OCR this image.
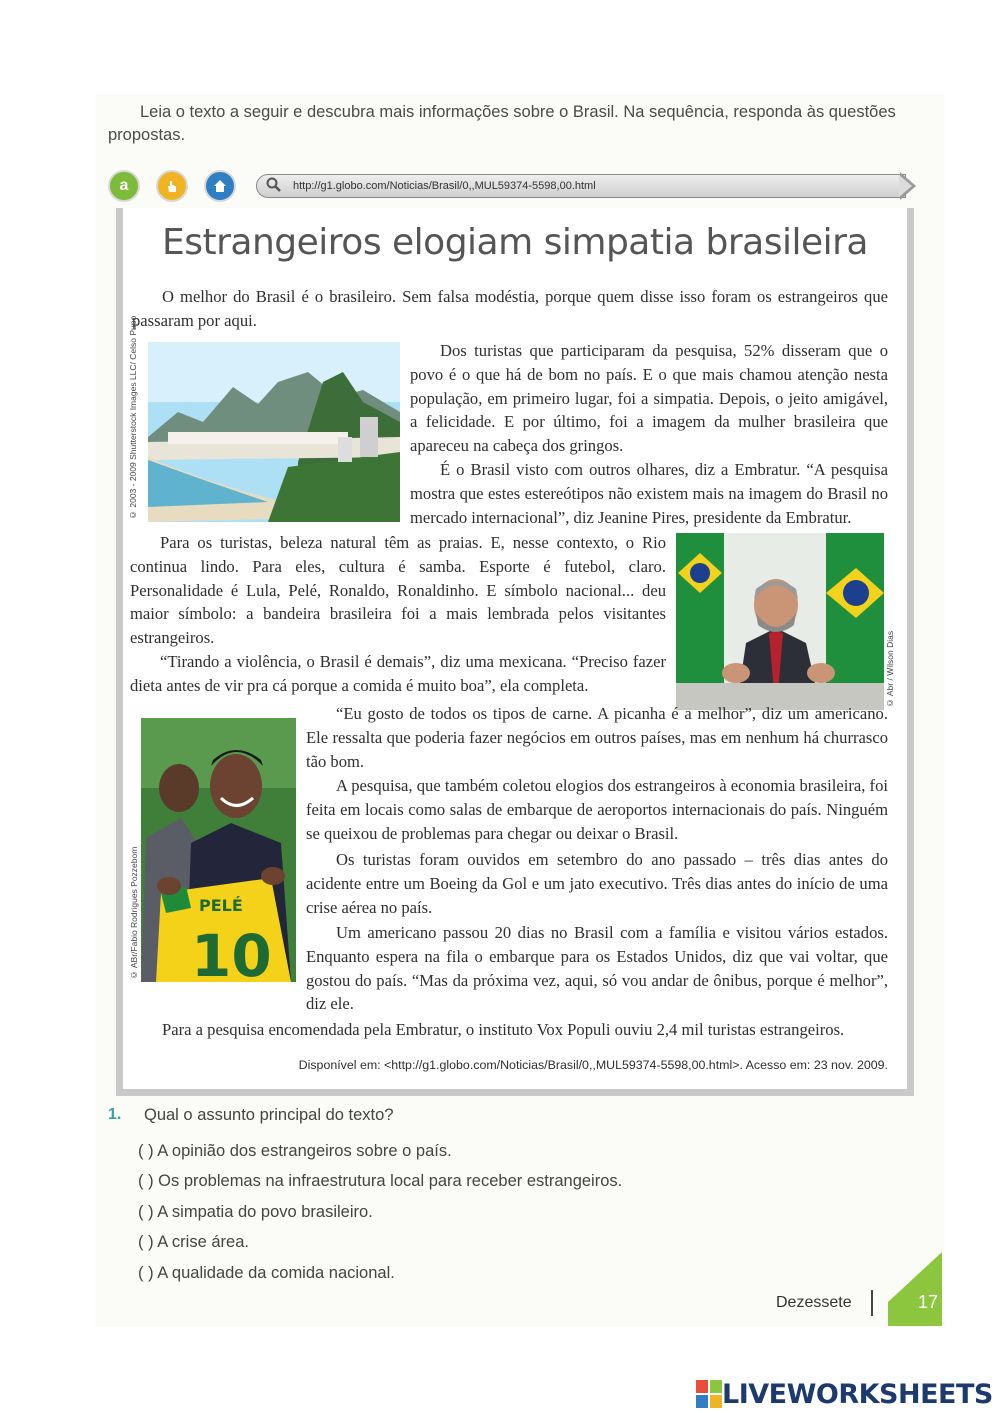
Leia o texto a seguir e descubra mais informações sobre o Brasil. Na sequência, responda às questões propostas.

a	http://g1.globo.com/Noticias/Brasil/0,,MUL59374-5598,00.html
Estrangeiros elogiam simpatia brasileira

O melhor do Brasil é o brasileiro. Sem falsa modéstia, porque quem disse isso foram os estrangeiros que passaram por aqui.

© 2003 - 2009 Shutterstock Images LLC/ Celso Pupo	Dos turistas que participaram da pesquisa, 52% disseram que o povo é o que há de bom no país. E o que mais chamou atenção nesta população, em primeiro lugar, foi a simpatia. Depois, o jeito amigável, a felicidade. E por último, foi a imagem da mulher brasileira que apareceu na cabeça dos gringos.

É o Brasil visto com outros olhares, diz a Embratur. “A pesquisa mostra que estes estereótipos não existem mais na imagem do Brasil no mercado internacional”, diz Jeanine Pires, presidente da Embratur.

© Abr / Wilson Dias

Para os turistas, beleza natural têm as praias. E, nesse contexto, o Rio continua lindo. Para eles, cultura é samba. Esporte é futebol, claro. Personalidade é Lula, Pelé, Ronaldo, Ronaldinho. E símbolo nacional... deu maior símbolo: a bandeira brasileira foi a mais lembrada pelos visitantes estrangeiros.

“Tirando a violência, o Brasil é demais”, diz uma mexicana. “Preciso fazer dieta antes de vir pra cá porque a comida é muito boa”, ela completa.

PELÉ
10
© ABr/Fabio Rodrigues Pozzebom

“Eu gosto de todos os tipos de carne. A picanha é a melhor”, diz um americano. Ele ressalta que poderia fazer negócios em outros países, mas em nenhum há churrasco tão bom.

A pesquisa, que também coletou elogios dos estrangeiros à economia brasileira, foi feita em locais como salas de embarque de aeroportos internacionais do país. Ninguém se queixou de problemas para chegar ou deixar o Brasil.

Os turistas foram ouvidos em setembro do ano passado – três dias antes do acidente entre um Boeing da Gol e um jato executivo. Três dias antes do início de uma crise aérea no país.

Um americano passou 20 dias no Brasil com a família e visitou vários estados. Enquanto espera na fila o embarque para os Estados Unidos, diz que vai voltar, que gostou do país. “Mas da próxima vez, aqui, só vou andar de ônibus, porque é melhor”, diz ele.

Para a pesquisa encomendada pela Embratur, o instituto Vox Populi ouviu 2,4 mil turistas estrangeiros.

Disponível em: <http://g1.globo.com/Noticias/Brasil/0,,MUL59374-5598,00.html>. Acesso em: 23 nov. 2009.
1. Qual o assunto principal do texto?
( ) A opinião dos estrangeiros sobre o país.
( ) Os problemas na infraestrutura local para receber estrangeiros.
( ) A simpatia do povo brasileiro.
( ) A crise área.
( ) A qualidade da comida nacional.
Dezessete	17
LIVEWORKSHEETS
